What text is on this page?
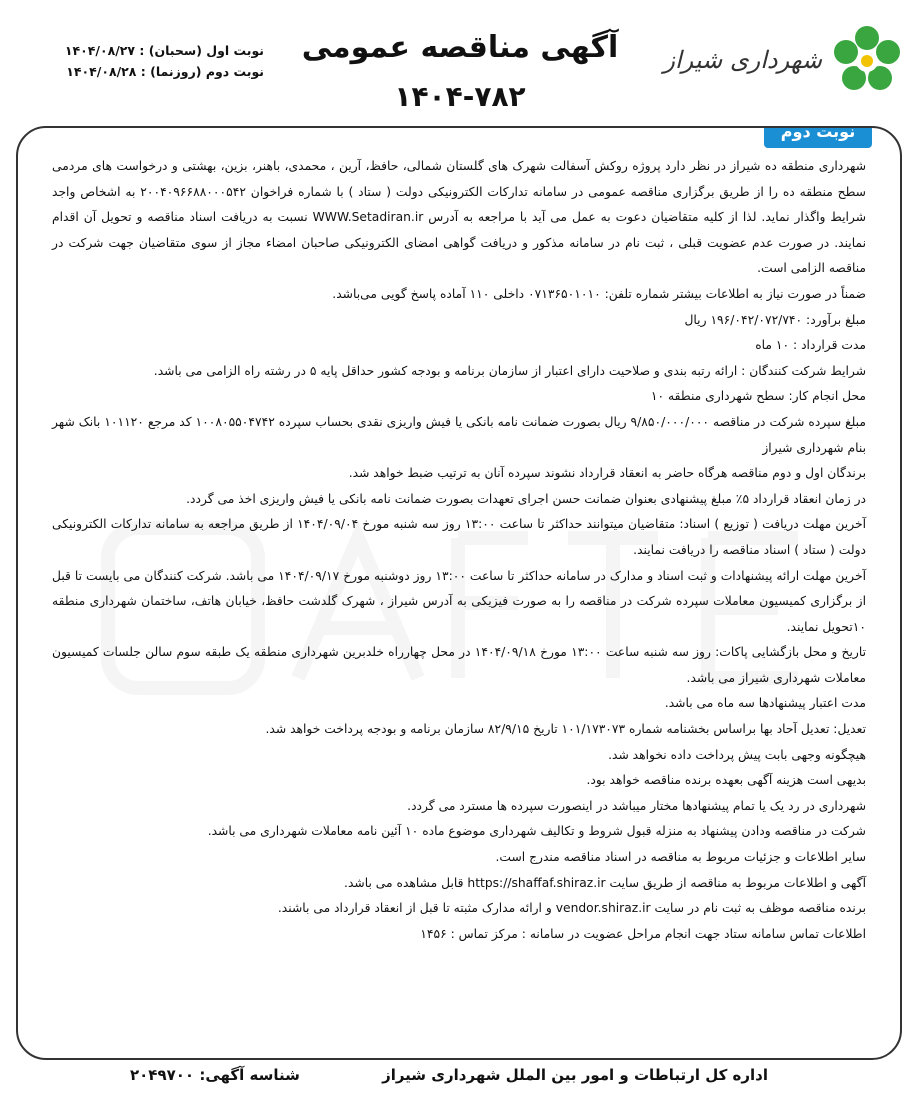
شهرداری شیراز
آگهی مناقصه عمومی
۱۴۰۴-۷۸۲
نوبت اول (سحبان) : ۱۴۰۴/۰۸/۲۷
نوبت دوم (روزنما) : ۱۴۰۴/۰۸/۲۸
نوبت دوم

شهرداری منطقه ده شیراز در نظر دارد پروژه روکش آسفالت شهرک های گلستان شمالی، حافظ، آرین ، محمدی، باهنر، بزین، بهشتی و درخواست های مردمی سطح منطقه ده را از طریق برگزاری مناقصه عمومی در سامانه تدارکات الکترونیکی دولت ( ستاد ) با شماره فراخوان ۲۰۰۴۰۹۶۶۸۸۰۰۰۵۴۲ به اشخاص واجد شرایط واگذار نماید. لذا از کلیه متقاضیان دعوت به عمل می آید با مراجعه به آدرس WWW.Setadiran.ir نسبت به دریافت اسناد مناقصه و تحویل آن اقدام نمایند. در صورت عدم عضویت قبلی ، ثبت نام در سامانه مذکور و دریافت گواهی امضای الکترونیکی صاحبان امضاء مجاز از سوی متقاضیان جهت شرکت در مناقصه الزامی است.

ضمناً در صورت نیاز به اطلاعات بیشتر شماره تلفن: ۰۷۱۳۶۵۰۱۰۱۰ داخلی ۱۱۰ آماده پاسخ گویی می‌باشد.

مبلغ برآورد: ۱۹۶/۰۴۲/۰۷۲/۷۴۰ ریال

مدت قرارداد : ۱۰ ماه

شرایط شرکت کنندگان : ارائه رتبه بندی و صلاحیت دارای اعتبار از سازمان برنامه و بودجه کشور حداقل پایه ۵ در رشته راه الزامی می باشد.

محل انجام کار: سطح شهرداری منطقه ۱۰

مبلغ سپرده شرکت در مناقصه ۹/۸۵۰/۰۰۰/۰۰۰ ریال بصورت ضمانت نامه بانکی یا فیش واریزی نقدی بحساب سپرده ۱۰۰۸۰۵۵۰۴۷۴۲ کد مرجع ۱۰۱۱۲۰ بانک شهر بنام شهرداری شیراز

برندگان اول و دوم مناقصه هرگاه حاضر به انعقاد قرارداد نشوند سپرده آنان به ترتیب ضبط خواهد شد.

در زمان انعقاد قرارداد ۵٪ مبلغ پیشنهادی بعنوان ضمانت حسن اجرای تعهدات بصورت ضمانت نامه بانکی یا فیش واریزی اخذ می گردد.

آخرین مهلت دریافت ( توزیع ) اسناد: متقاضیان میتوانند حداکثر تا ساعت ۱۳:۰۰ روز سه شنبه مورخ ۱۴۰۴/۰۹/۰۴ از طریق مراجعه به سامانه تدارکات الکترونیکی دولت ( ستاد ) اسناد مناقصه را دریافت نمایند.

آخرین مهلت ارائه پیشنهادات و ثبت اسناد و مدارک در سامانه حداکثر تا ساعت ۱۳:۰۰ روز دوشنبه مورخ ۱۴۰۴/۰۹/۱۷ می باشد. شرکت کنندگان می بایست تا قبل از برگزاری کمیسیون معاملات سپرده شرکت در مناقصه را به صورت فیزیکی به آدرس شیراز ، شهرک گلدشت حافظ، خیابان هاتف، ساختمان شهرداری منطقه ۱۰تحویل نمایند.

تاریخ و محل بازگشایی پاکات: روز سه شنبه ساعت ۱۳:۰۰ مورخ ۱۴۰۴/۰۹/۱۸ در محل چهارراه خلدبرین شهرداری منطقه یک طبقه سوم سالن جلسات کمیسیون معاملات شهرداری شیراز می باشد.

مدت اعتبار پیشنهادها سه ماه می باشد.

تعدیل: تعدیل آحاد بها براساس بخشنامه شماره ۱۰۱/۱۷۳۰۷۳ تاریخ ۸۲/۹/۱۵ سازمان برنامه و بودجه پرداخت خواهد شد.

هیچگونه وجهی بابت پیش پرداخت داده نخواهد شد.

بدیهی است هزینه آگهی بعهده برنده مناقصه خواهد بود.

شهرداری در رد یک یا تمام پیشنهادها مختار میباشد در اینصورت سپرده ها مسترد می گردد.

شرکت در مناقصه ودادن پیشنهاد به منزله قبول شروط و تکالیف شهرداری موضوع ماده ۱۰ آئین نامه معاملات شهرداری می باشد.

سایر اطلاعات و جزئیات مربوط به مناقصه در اسناد مناقصه مندرج است.

آگهی و اطلاعات مربوط به مناقصه از طریق سایت https://shaffaf.shiraz.ir قابل مشاهده می باشد.

برنده مناقصه موظف به ثبت نام در سایت vendor.shiraz.ir و ارائه مدارک مثبته تا قبل از انعقاد قرارداد می باشند.

اطلاعات تماس سامانه ستاد جهت انجام مراحل عضویت در سامانه : مرکز تماس : ۱۴۵۶

اداره کل ارتباطات و امور بین الملل شهرداری شیراز
شناسه آگهی: ۲۰۴۹۷۰۰
